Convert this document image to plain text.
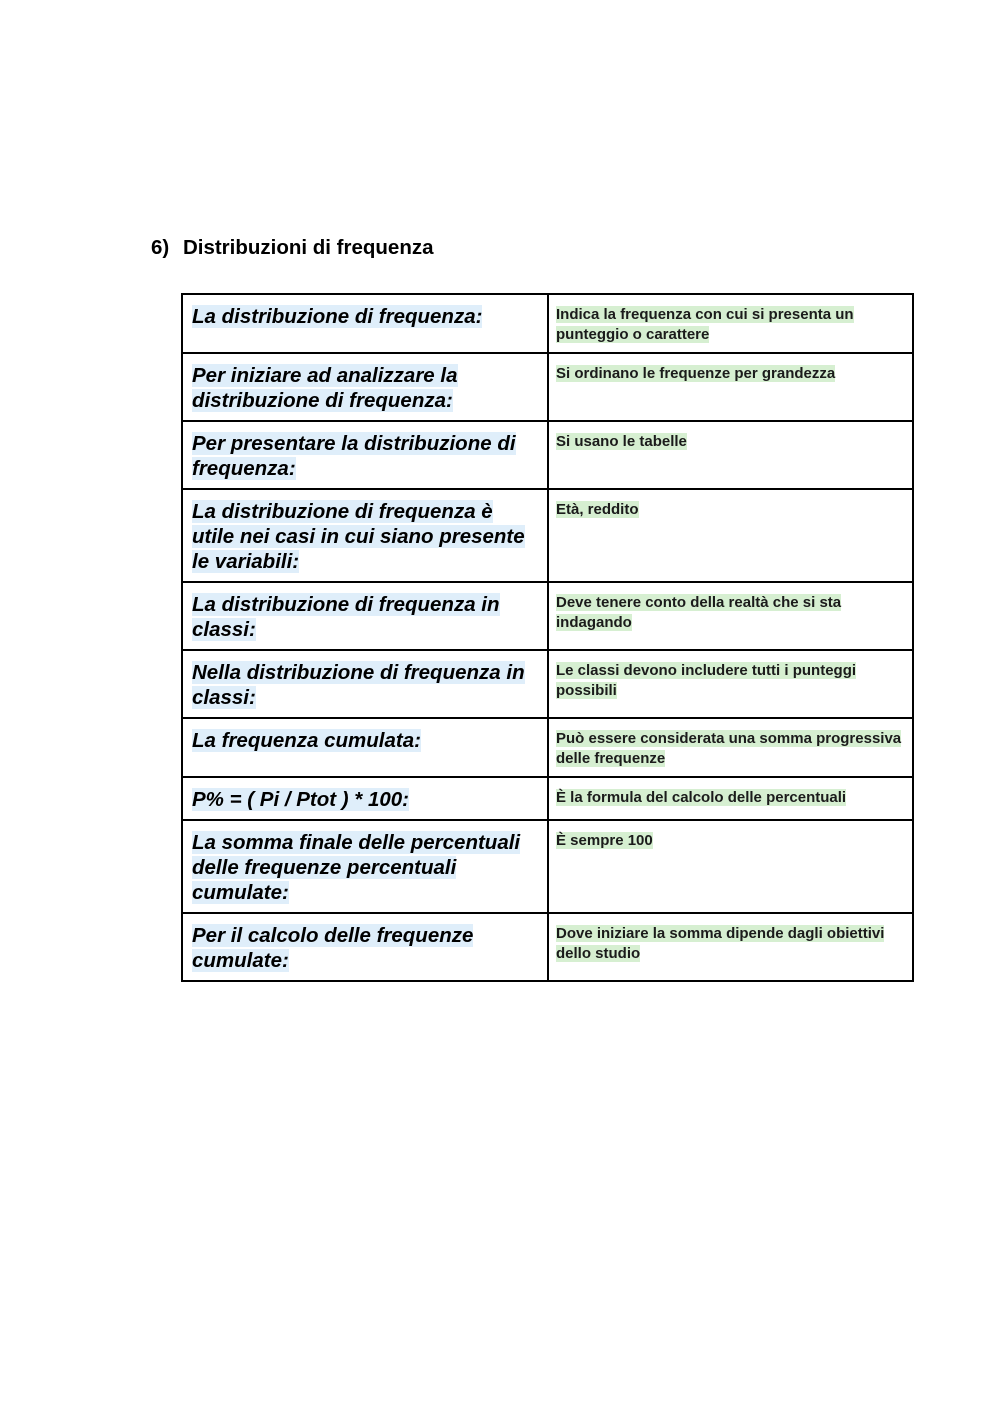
6) Distribuzioni di frequenza
La distribuzione di frequenza:	Indica la frequenza con cui si presenta un punteggio o carattere

Per iniziare ad analizzare la distribuzione di frequenza:	Si ordinano le frequenze per grandezza

Per presentare la distribuzione di frequenza:	Si usano le tabelle

La distribuzione di frequenza è utile nei casi in cui siano presente le variabili:	Età, reddito

La distribuzione di frequenza in classi:	Deve tenere conto della realtà che si sta indagando

Nella distribuzione di frequenza in classi:	Le classi devono includere tutti i punteggi possibili

La frequenza cumulata:	Può essere considerata una somma progressiva delle frequenze

P% = ( Pi / Ptot ) * 100:	È la formula del calcolo delle percentuali

La somma finale delle percentuali delle frequenze percentuali cumulate:	È sempre 100

Per il calcolo delle frequenze cumulate:	Dove iniziare la somma dipende dagli obiettivi dello studio
